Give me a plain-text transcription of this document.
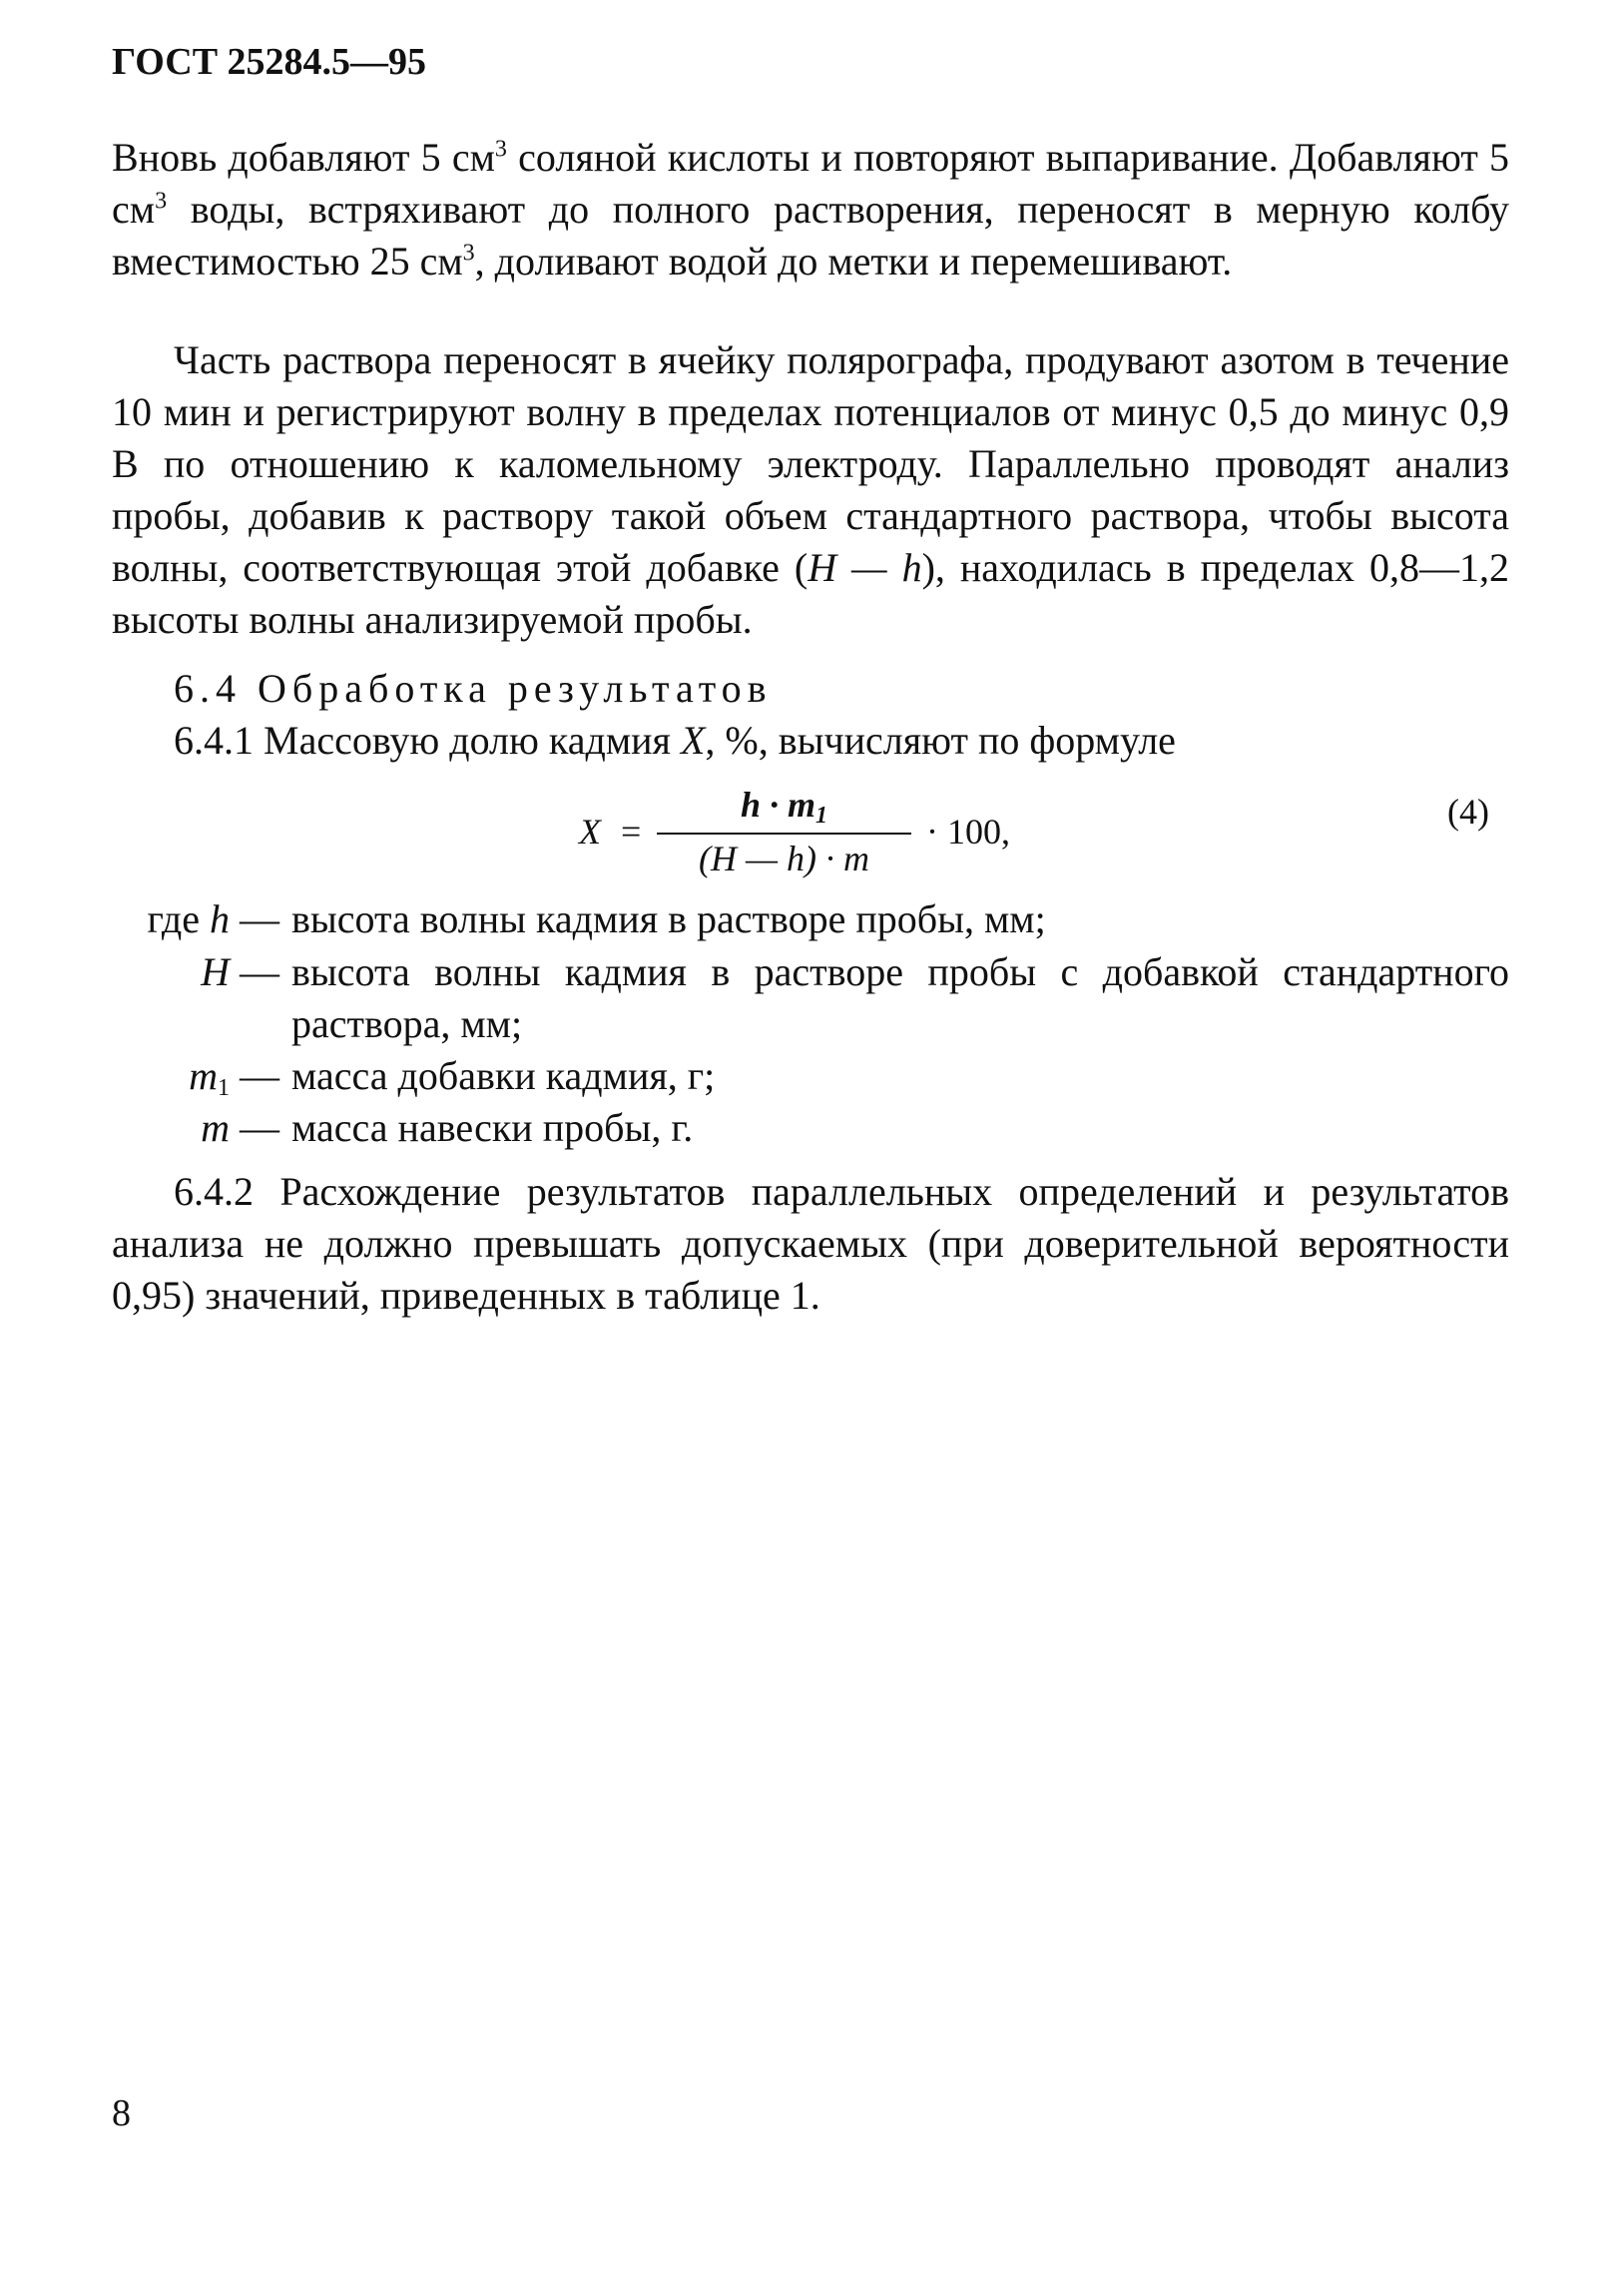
ГОСТ 25284.5—95
Вновь добавляют 5 $см^3$ соляной кислоты и повторяют выпаривание. Добавляют 5 $см^3$ воды, встряхивают до полного растворения, переносят в мерную колбу вместимостью 25 $см^3$, доливают водой до метки и перемешивают.
Часть раствора переносят в ячейку полярографа, продувают азотом в течение 10 мин и регистрируют волну в пределах потенциалов от минус 0,5 до минус 0,9 В по отношению к каломельному электроду. Параллельно проводят анализ пробы, добавив к раствору такой объем стандартного раствора, чтобы высота волны, соответствующая этой добавке (H — h), находилась в пределах 0,8—1,2 высоты волны анализируемой пробы.
6.4 Обработка результатов
6.4.1 Массовую долю кадмия X, %, вычисляют по формуле
X =
$h \cdot m_1$
(H — h) · m
· 100,	(4)
где h — высота волны кадмия в растворе пробы, мм;
H — высота волны кадмия в растворе пробы с добавкой стандартного раствора, мм;
$m_1$ — масса добавки кадмия, г;
m — масса навески пробы, г.
6.4.2 Расхождение результатов параллельных определений и результатов анализа не должно превышать допускаемых (при доверительной вероятности 0,95) значений, приведенных в таблице 1.
8
